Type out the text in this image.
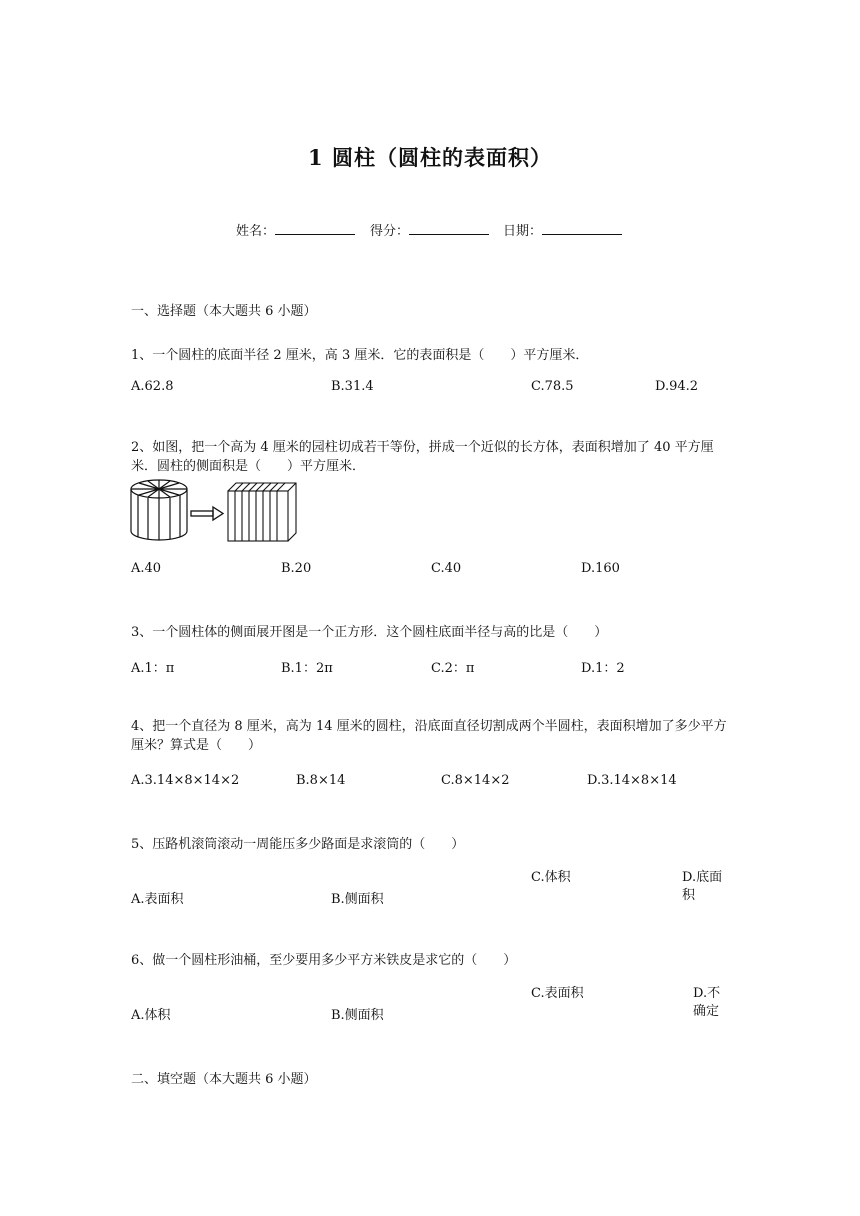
1 圆柱（圆柱的表面积）
姓名：	得分：	日期：
一、选择题（本大题共 6 小题）
1、一个圆柱的底面半径 2 厘米，高 3 厘米．它的表面积是（　　）平方厘米．
A.62.8	B.31.4	C.78.5	D.94.2
2、如图，把一个高为 4 厘米的园柱切成若干等份，拼成一个近似的长方体，表面积增加了 40 平方厘米．圆柱的侧面积是（　　）平方厘米．
A.40	B.20	C.40	D.160
3、一个圆柱体的侧面展开图是一个正方形．这个圆柱底面半径与高的比是（　　）
A.1：π	B.1：2π	C.2：π	D.1：2
4、把一个直径为 8 厘米，高为 14 厘米的圆柱，沿底面直径切割成两个半圆柱，表面积增加了多少平方厘米？算式是（　　）
A.3.14×8×14×2	B.8×14	C.8×14×2	D.3.14×8×14
5、压路机滚筒滚动一周能压多少路面是求滚筒的（　　）
A.表面积	B.侧面积
C.体积	D.底面积
6、做一个圆柱形油桶，至少要用多少平方米铁皮是求它的（　　）
A.体积	B.侧面积
C.表面积	D.不确定
二、填空题（本大题共 6 小题）
